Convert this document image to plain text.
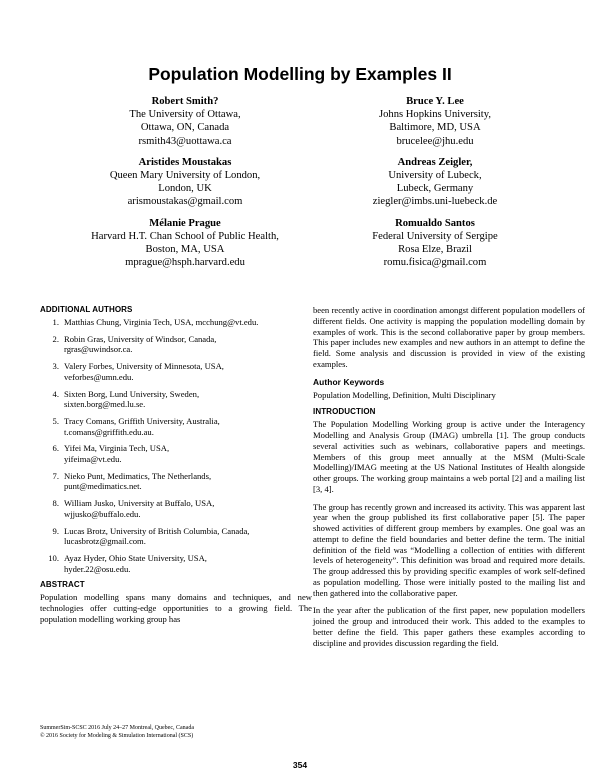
Population Modelling by Examples II
Robert Smith?
The University of Ottawa,
Ottawa, ON, Canada
rsmith43@uottawa.ca
Bruce Y. Lee
Johns Hopkins University,
Baltimore, MD, USA
brucelee@jhu.edu
Aristides Moustakas
Queen Mary University of London,
London, UK
arismoustakas@gmail.com
Andreas Zeigler,
University of Lubeck,
Lubeck, Germany
ziegler@imbs.uni-luebeck.de
Mélanie Prague
Harvard H.T. Chan School of Public Health,
Boston, MA, USA
mprague@hsph.harvard.edu
Romualdo Santos
Federal University of Sergipe
Rosa Elze, Brazil
romu.fisica@gmail.com
ADDITIONAL AUTHORS
1. Matthias Chung, Virginia Tech, USA, mcchung@vt.edu.
2. Robin Gras, University of Windsor, Canada,
rgras@uwindsor.ca.
3. Valery Forbes, University of Minnesota, USA,
veforbes@umn.edu.
4. Sixten Borg, Lund University, Sweden,
sixten.borg@med.lu.se.
5. Tracy Comans, Griffith University, Australia,
t.comans@griffith.edu.au.
6. Yifei Ma, Virginia Tech, USA,
yifeima@vt.edu.
7. Nieko Punt, Medimatics, The Netherlands,
punt@medimatics.net.
8. William Jusko, University at Buffalo, USA,
wjjusko@buffalo.edu.
9. Lucas Brotz, University of British Columbia, Canada,
lucasbrotz@gmail.com.
10. Ayaz Hyder, Ohio State University, USA,
hyder.22@osu.edu.
ABSTRACT

Population modelling spans many domains and techniques, and new technologies offer cutting-edge opportunities to a growing field. The population modelling working group has

been recently active in coordination amongst different population modellers of different fields. One activity is mapping the population modelling domain by examples of work. This is the second collaborative paper by group members. This paper includes new examples and new authors in an attempt to define the field. Some analysis and discussion is provided in view of the existing examples.

Author Keywords

Population Modelling, Definition, Multi Disciplinary

INTRODUCTION

The Population Modelling Working group is active under the Interagency Modelling and Analysis Group (IMAG) umbrella [1]. The group conducts several activities such as webinars, collaborative papers and meetings. Members of this group meet annually at the MSM (Multi-Scale Modelling)/IMAG meeting at the US National Institutes of Health alongside other groups. The working group maintains a web portal [2] and a mailing list [3, 4].

The group has recently grown and increased its activity. This was apparent last year when the group published its first collaborative paper [5]. The paper showed activities of different group members by examples. One goal was an attempt to define the field boundaries and better define the term. The initial definition of the field was “Modelling a collection of entities with different levels of heterogeneity”. This definition was broad and required more details. The group addressed this by providing specific examples of work self-defined as population modelling. Those were initially posted to the mailing list and then gathered into the collaborative paper.

In the year after the publication of the first paper, new population modellers joined the group and introduced their work. This added to the examples to better define the field. This paper gathers these examples according to discipline and provides discussion regarding the field.

SummerSim-SCSC 2016 July 24–27 Montreal, Quebec, Canada
© 2016 Society for Modeling & Simulation International (SCS)
354
